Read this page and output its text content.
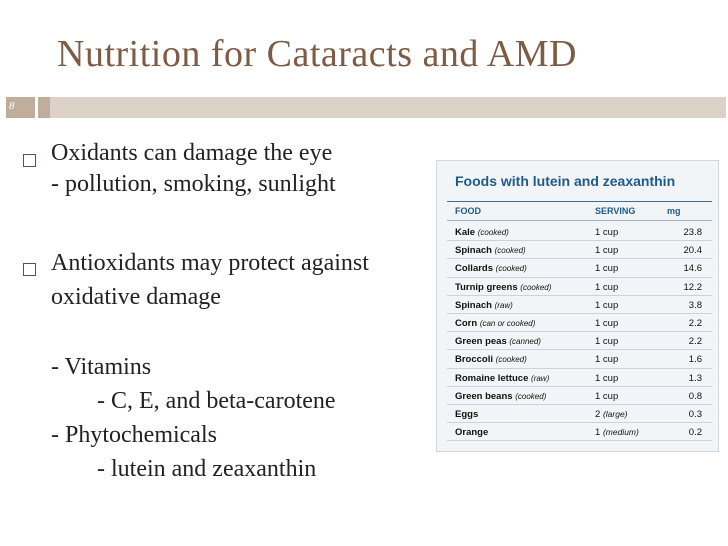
Nutrition for Cataracts and AMD
8
Oxidants can damage the eye
- pollution, smoking, sunlight
Antioxidants may protect against
oxidative damage
- Vitamins
- C, E, and beta-carotene
- Phytochemicals
- lutein and zeaxanthin
Foods with lutein and zeaxanthin
FOOD	SERVING	mg
Kale (cooked)	1 cup	23.8
Spinach (cooked)	1 cup	20.4
Collards (cooked)	1 cup	14.6
Turnip greens (cooked)	1 cup	12.2
Spinach (raw)	1 cup	3.8
Corn (can or cooked)	1 cup	2.2
Green peas (canned)	1 cup	2.2
Broccoli (cooked)	1 cup	1.6
Romaine lettuce (raw)	1 cup	1.3
Green beans (cooked)	1 cup	0.8
Eggs	2 (large)	0.3
Orange	1 (medium)	0.2
